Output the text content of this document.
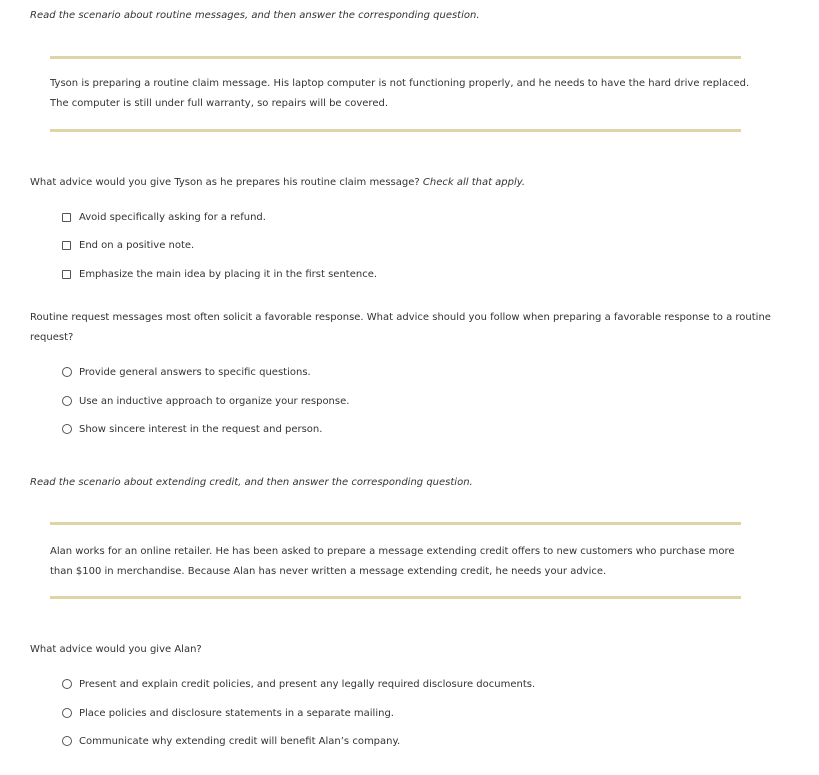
Read the scenario about routine messages, and then answer the corresponding question.
Tyson is preparing a routine claim message. His laptop computer is not functioning properly, and he needs to have the hard drive replaced. The computer is still under full warranty, so repairs will be covered.
What advice would you give Tyson as he prepares his routine claim message? Check all that apply.
Avoid specifically asking for a refund.
End on a positive note.
Emphasize the main idea by placing it in the first sentence.
Routine request messages most often solicit a favorable response. What advice should you follow when preparing a favorable response to a routine request?
Provide general answers to specific questions.
Use an inductive approach to organize your response.
Show sincere interest in the request and person.
Read the scenario about extending credit, and then answer the corresponding question.
Alan works for an online retailer. He has been asked to prepare a message extending credit offers to new customers who purchase more than $100 in merchandise. Because Alan has never written a message extending credit, he needs your advice.
What advice would you give Alan?
Present and explain credit policies, and present any legally required disclosure documents.
Place policies and disclosure statements in a separate mailing.
Communicate why extending credit will benefit Alan’s company.
